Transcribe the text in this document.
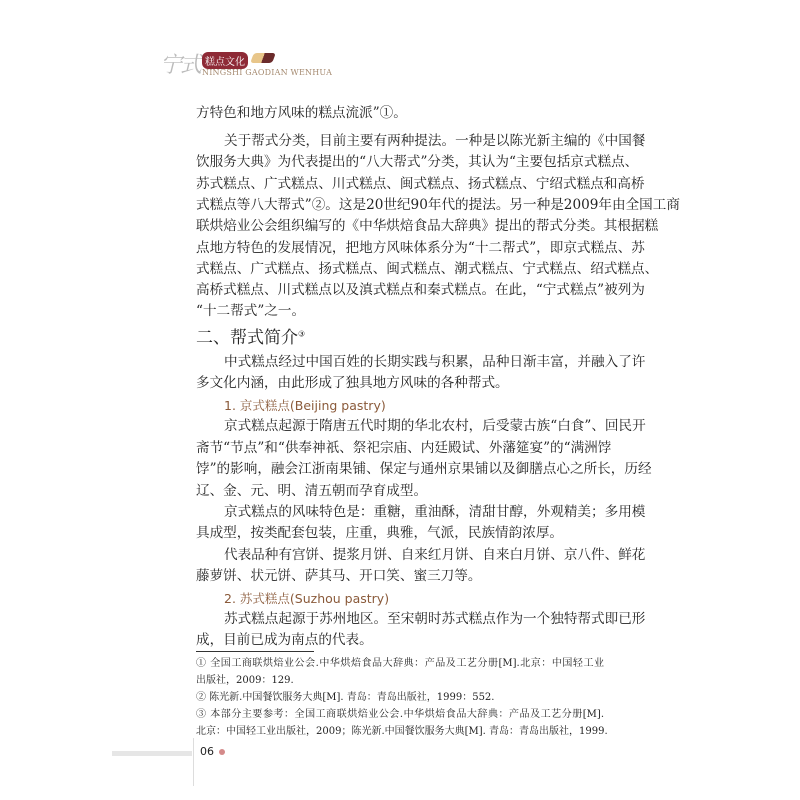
宁式 糕点文化
NINGSHI GAODIAN WENHUA
方特色和地方风味的糕点流派”①。
关于帮式分类，目前主要有两种提法。一种是以陈光新主编的《中国餐
饮服务大典》为代表提出的“八大帮式”分类，其认为“主要包括京式糕点、
苏式糕点、广式糕点、川式糕点、闽式糕点、扬式糕点、宁绍式糕点和高桥
式糕点等八大帮式”②。这是20世纪90年代的提法。另一种是2009年由全国工商
联烘焙业公会组织编写的《中华烘焙食品大辞典》提出的帮式分类。其根据糕
点地方特色的发展情况，把地方风味体系分为“十二帮式”，即京式糕点、苏
式糕点、广式糕点、扬式糕点、闽式糕点、潮式糕点、宁式糕点、绍式糕点、
高桥式糕点、川式糕点以及滇式糕点和秦式糕点。在此，“宁式糕点”被列为
“十二帮式”之一。
中式糕点经过中国百姓的长期实践与积累，品种日渐丰富，并融入了许
多文化内涵，由此形成了独具地方风味的各种帮式。
1. 京式糕点(Beijing pastry)
京式糕点起源于隋唐五代时期的华北农村，后受蒙古族“白食”、回民开
斋节“节点”和“供奉神祇、祭祀宗庙、内廷殿试、外藩筵宴”的“满洲饽
饽”的影响，融会江浙南果铺、保定与通州京果铺以及御膳点心之所长，历经
辽、金、元、明、清五朝而孕育成型。
京式糕点的风味特色是：重糖，重油酥，清甜甘醇，外观精美；多用模
具成型，按类配套包装，庄重，典雅，气派，民族情韵浓厚。
代表品种有宫饼、提浆月饼、自来红月饼、自来白月饼、京八件、鲜花
藤萝饼、状元饼、萨其马、开口笑、蜜三刀等。
2. 苏式糕点(Suzhou pastry)
苏式糕点起源于苏州地区。至宋朝时苏式糕点作为一个独特帮式即已形
成，目前已成为南点的代表。
二、帮式简介③
① 全国工商联烘焙业公会.中华烘焙食品大辞典：产品及工艺分册[M].北京：中国轻工业
出版社，2009：129.
② 陈光新.中国餐饮服务大典[M]. 青岛：青岛出版社，1999：552.
③ 本部分主要参考：全国工商联烘焙业公会.中华烘焙食品大辞典：产品及工艺分册[M].
北京：中国轻工业出版社，2009；陈光新.中国餐饮服务大典[M]. 青岛：青岛出版社，1999.
06
